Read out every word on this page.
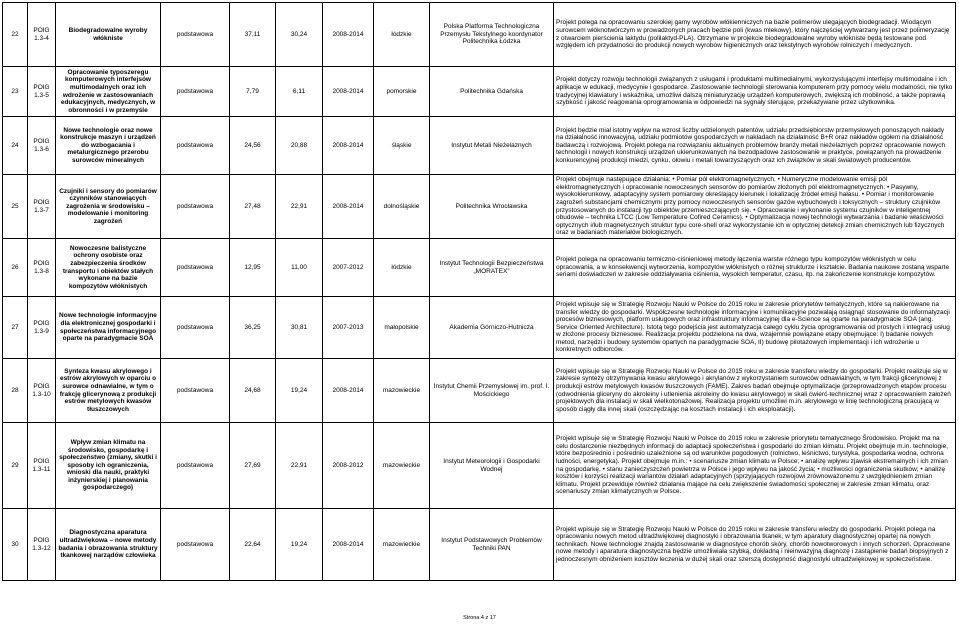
22	POIG 1.3-4	Biodegradowalne wyroby włókniste	podstawowa	37,11	30,24	2008-2014	łódzkie	Polska Platforma Technologiczna Przemysłu Tekstylnego koordynator Politechnika Łódzka	Projekt polega na opracowaniu szerokiej gamy wyrobów włókienniczych na bazie polimerów ulegających biodegradacji. Wiodącym surowcem włóknotwórczym w prowadzonych pracach będzie poli (kwas mlekowy), który najczęściej wytwarzany jest przez polimeryzację z otwarciem pierścienia laktydu (polilaktyd-PLA). Otrzymane w projekcie biodegradowalne wyroby włókniste będą testowane pod względem ich przydatności do produkcji nowych wyrobów higienicznych oraz tekstylnych wyrobów rolniczych i medycznych.
23	POIG 1.3-5	Opracowanie typoszeregu komputerowych interfejsów multimodalnych oraz ich wdrożenie w zastosowaniach edukacyjnych, medycznych, w obronności i w przemyśle	podstawowa	7,79	6,11	2008-2014	pomorskie	Politechnika Gdańska	Projekt dotyczy rozwoju technologii związanych z usługami i produktami multimedialnymi, wykorzystującymi interfejsy multimodalne i ich aplikacje w edukacji, medycynie i gospodarce. Zastosowanie technologii sterowania komputerem przy pomocy wielu modalności, nie tylko tradycyjnej klawiatury i wskaźnika, umożliwi dalszą miniaturyzację urządzeń komputerowych, zwiększą ich mobilność, a także poprawią szybkość i jakość reagowania oprogramowania w odpowiedzi na sygnały sterujące, przekazywane przez użytkownika.
24	POIG 1.3-6	Nowe technologie oraz nowe konstrukcje maszyn i urządzeń do wzbogacania i metalurgicznego przerobu surowców mineralnych	podstawowa	24,56	20,88	2008-2014	śląskie	Instytut Metali Nieżelaznych	Projekt będzie miał istotny wpływ na wzrost liczby udzielonych patentów, udziału przedsiębiorstw przemysłowych ponoszących nakłady na działalność innowacyjną, udziału podmiotów gospodarczych w nakładach na działalność B+R oraz nakładów ogółem na działalność badawczą i rozwojową. Projekt polega na rozwiązaniu aktualnych problemów branży metali nieżelaznych poprzez opracowanie nowych technologii i nowych konstrukcji urządzeń ukierunkowanych na bezodpadowe zastosowanie w praktyce, powiązanych na prowadzenie konkurencyjnej produkcji miedzi, cynku, ołowiu i metali towarzyszących oraz ich związków w skali światowych producentów.
25	POIG 1.3-7	Czujniki i sensory do pomiarów czynników stanowiących zagrożenia w środowisku – modelowanie i monitoring zagrożeń	podstawowa	27,48	22,91	2008-2014	dolnośląskie	Politechnika Wrocławska	Projekt obejmuje następujące działania: • Pomiar pól elektromagnetycznych. • Numeryczne modelowanie emisji pól elektromagnetycznych i opracowanie nowoczesnych sensorów do pomiarów złożonych pól elektromagnetycznych. • Pasywny, wysokokierunkowy, adaptacyjny system pomiarowy określający kierunek i lokalizację źródeł emisji hałasu. • Pomiar i monitorowanie zagrożeń substancjami chemicznymi przy pomocy nowoczesnych sensorów gazów wybuchowych i toksycznych – struktury czujników przystosowanych do instalacji typ obiektów przemieszczających się. • Opracowanie i wykonanie systemu czujników w inteligentnej obudowie – technika LTCC (Low Temperature Cofired Ceramics). • Optymalizacja nowej technologii wytwarzania i badanie właściwości optycznych i/lub magnetycznych struktur typu core-shell oraz wykorzystanie ich w optycznej detekcji zmian chemicznych lub fizycznych oraz w badaniach materiałów biologicznych.
26	POIG 1.3-8	Nowoczesne balistyczne ochrony osobiste oraz zabezpieczenia środków transportu i obiektów stałych wykonane na bazie kompozytów włóknistych	podstawowa	12,95	11,00	2007-2012	łódzkie	Instytut Technologii Bezpieczeństwa „MORATEX”	Projekt polega na opracowaniu termiczno-ciśnieniowej metody łączenia warstw różnego typu kompozytów włóknistych w celu opracowania, a w konsekwencji wytworzenia, kompozytów włóknistych o różnej strukturze i kształcie. Badania naukowe zostaną wsparte seriami doświadczeń w zakresie oddziaływania ciśnienia, wysokich temperatur, czasu, itp. na zakończenie konstrukcje kompozytów.
27	POIG 1.3-9	Nowe technologie informacyjne dla elektronicznej gospodarki i społeczeństwa informacyjnego oparte na paradygmacie SOA	podstawowa	36,25	30,81	2007-2013	małopolskie	Akademia Górniczo-Hutnicza	Projekt wpisuje się w Strategię Rozwoju Nauki w Polsce do 2015 roku w zakresie priorytetów tematycznych, które są nakierowane na transfer wiedzy do gospodarki. Współczesne technologie informacyjne i komunikacyjne pozwalają osiągnąć stosowanie do informatyzacji procesów biznesowych, platform usługowych oraz infrastruktury informacyjnej dla e-Science są oparte na paradygmacie SOA (ang. Service Oriented Architecture). Istotą tego podejścia jest automatyzacja całego cyklu życia oprogramowania od prostych i integracji usług w złożone procesy biznesowe. Realizacja projektu podzielona na dwa, wzajemnie powiązane etapy obejmujące: I) badanie nowych metod, narzędzi i budowy systemów opartych na paradygmacie SOA, II) budowę pilotażowych implementacji i ich wdrożenie u konkretnych odbiorców.
28	POIG 1.3-10	Synteza kwasu akrylowego i estrów akrylowych w oparciu o surowce odnawialne, w tym o frakcję glicerynową z produkcji estrów metylowych kwasów tłuszczowych	podstawowa	24,68	19,24	2008-2014	mazowieckie	Instytut Chemii Przemysłowej im. prof. I. Mościckiego	Projekt wpisuje się w Strategię Rozwoju Nauki w Polsce do 2015 roku w zakresie transferu wiedzy do gospodarki. Projekt realizuje się w zakresie syntezy otrzymywania kwasu akrylowego i akrylanów z wykorzystaniem surowców odnawialnych, w tym frakcji glicerynowej z produkcji estrów metylowych kwasów tłuszczowych (FAME). Zakres badań obejmuje optymalizacje (przeprowadzonych etapów procesu (odwodnienia gliceryny do akroleiny i utlenienia akroleiny do kwasu akrylowego) w skali ćwierć-technicznej wraz z opracowaniem założeń projektowych dla instalacji w skali wielkotonażowej. Realizacja projektu umożliwi m.in. akrylowego w linię technologiczną pracującą w sposób ciągły dla innej skali (oszczędzając na kosztach instalacji i ich eksploatacji).
29	POIG 1.3-11	Wpływ zmian klimatu na środowisko, gospodarkę i społeczeństwo (zmiany, skutki i sposoby ich ograniczenia, wnioski dla nauki, praktyki inżynierskiej i planowania gospodarczego)	podstawowa	27,69	22,91	2008-2012	mazowieckie	Instytut Meteorologii i Gospodarki Wodnej	Projekt wpisuje się w Strategię Rozwoju Nauki w Polsce do 2015 roku w zakresie priorytetu tematycznego Środowisko. Projekt ma na celu dostarczenie niezbędnych informacji do adaptacji społeczeństwa i gospodarki do zmian klimatu. Projekt obejmuje m.in. technologie, które bezpośrednio i pośrednio uzależnione są od warunków pogodowych (rolnictwo, leśnictwo, turystyka, gospodarka wodna, ochrona ludności, energetyka). Projekt obejmuje m.in.: • scenariusze zmian klimatu w Polsce; • analizę wpływu zjawisk ekstremalnych i ich zmian na gospodarkę, • stanu zanieczyszczeń powietrza w Polsce i jego wpływu na jakość życia; • możliwości ograniczenia skutków; • analizę kosztów i korzyści realizacji wariantów działań adaptacyjnych (sprzyjających rozwojowi zrównoważonemu z uwzględnieniem zmian klimatu. Projekt przewiduje również działania mające na celu zwiększenie świadomości społecznej w zakresie zmian klimatu, oraz scenariuszy zmian klimatycznych w Polsce.
30	POIG 1.3-12	Diagnostyczna aparatura ultradźwiękowa – nowe metody badania i obrazowania struktury tkankowej narządów człowieka	podstawowa	22,64	19,24	2008-2014	mazowieckie	Instytut Podstawowych Problemów Techniki PAN	Projekt wpisuje się w Strategię Rozwoju Nauki w Polsce do 2015 roku w zakresie transferu wiedzy do gospodarki. Projekt polega na opracowaniu nowych metod ultradźwiękowej diagnostyki i obrazowania tkanek, w tym aparatury diagnostycznej opartej na nowych technikach. Nowe technologie znajdą zastosowanie w diagnostyce chorób skóry, chorób nowotworowych i innych schorzeń. Opracowane nowe metody i aparatura diagnostyczna będzie umożliwiała szybką, dokładną i nieinwazyjną diagnozę i zastąpienie badań biopsyjnych z jednoczesnym obniżeniem kosztów leczenia w dużej skali oraz szerszą dostępność diagnostyki ultradźwiękowej w społeczeństwie.
Strona 4 z 17
